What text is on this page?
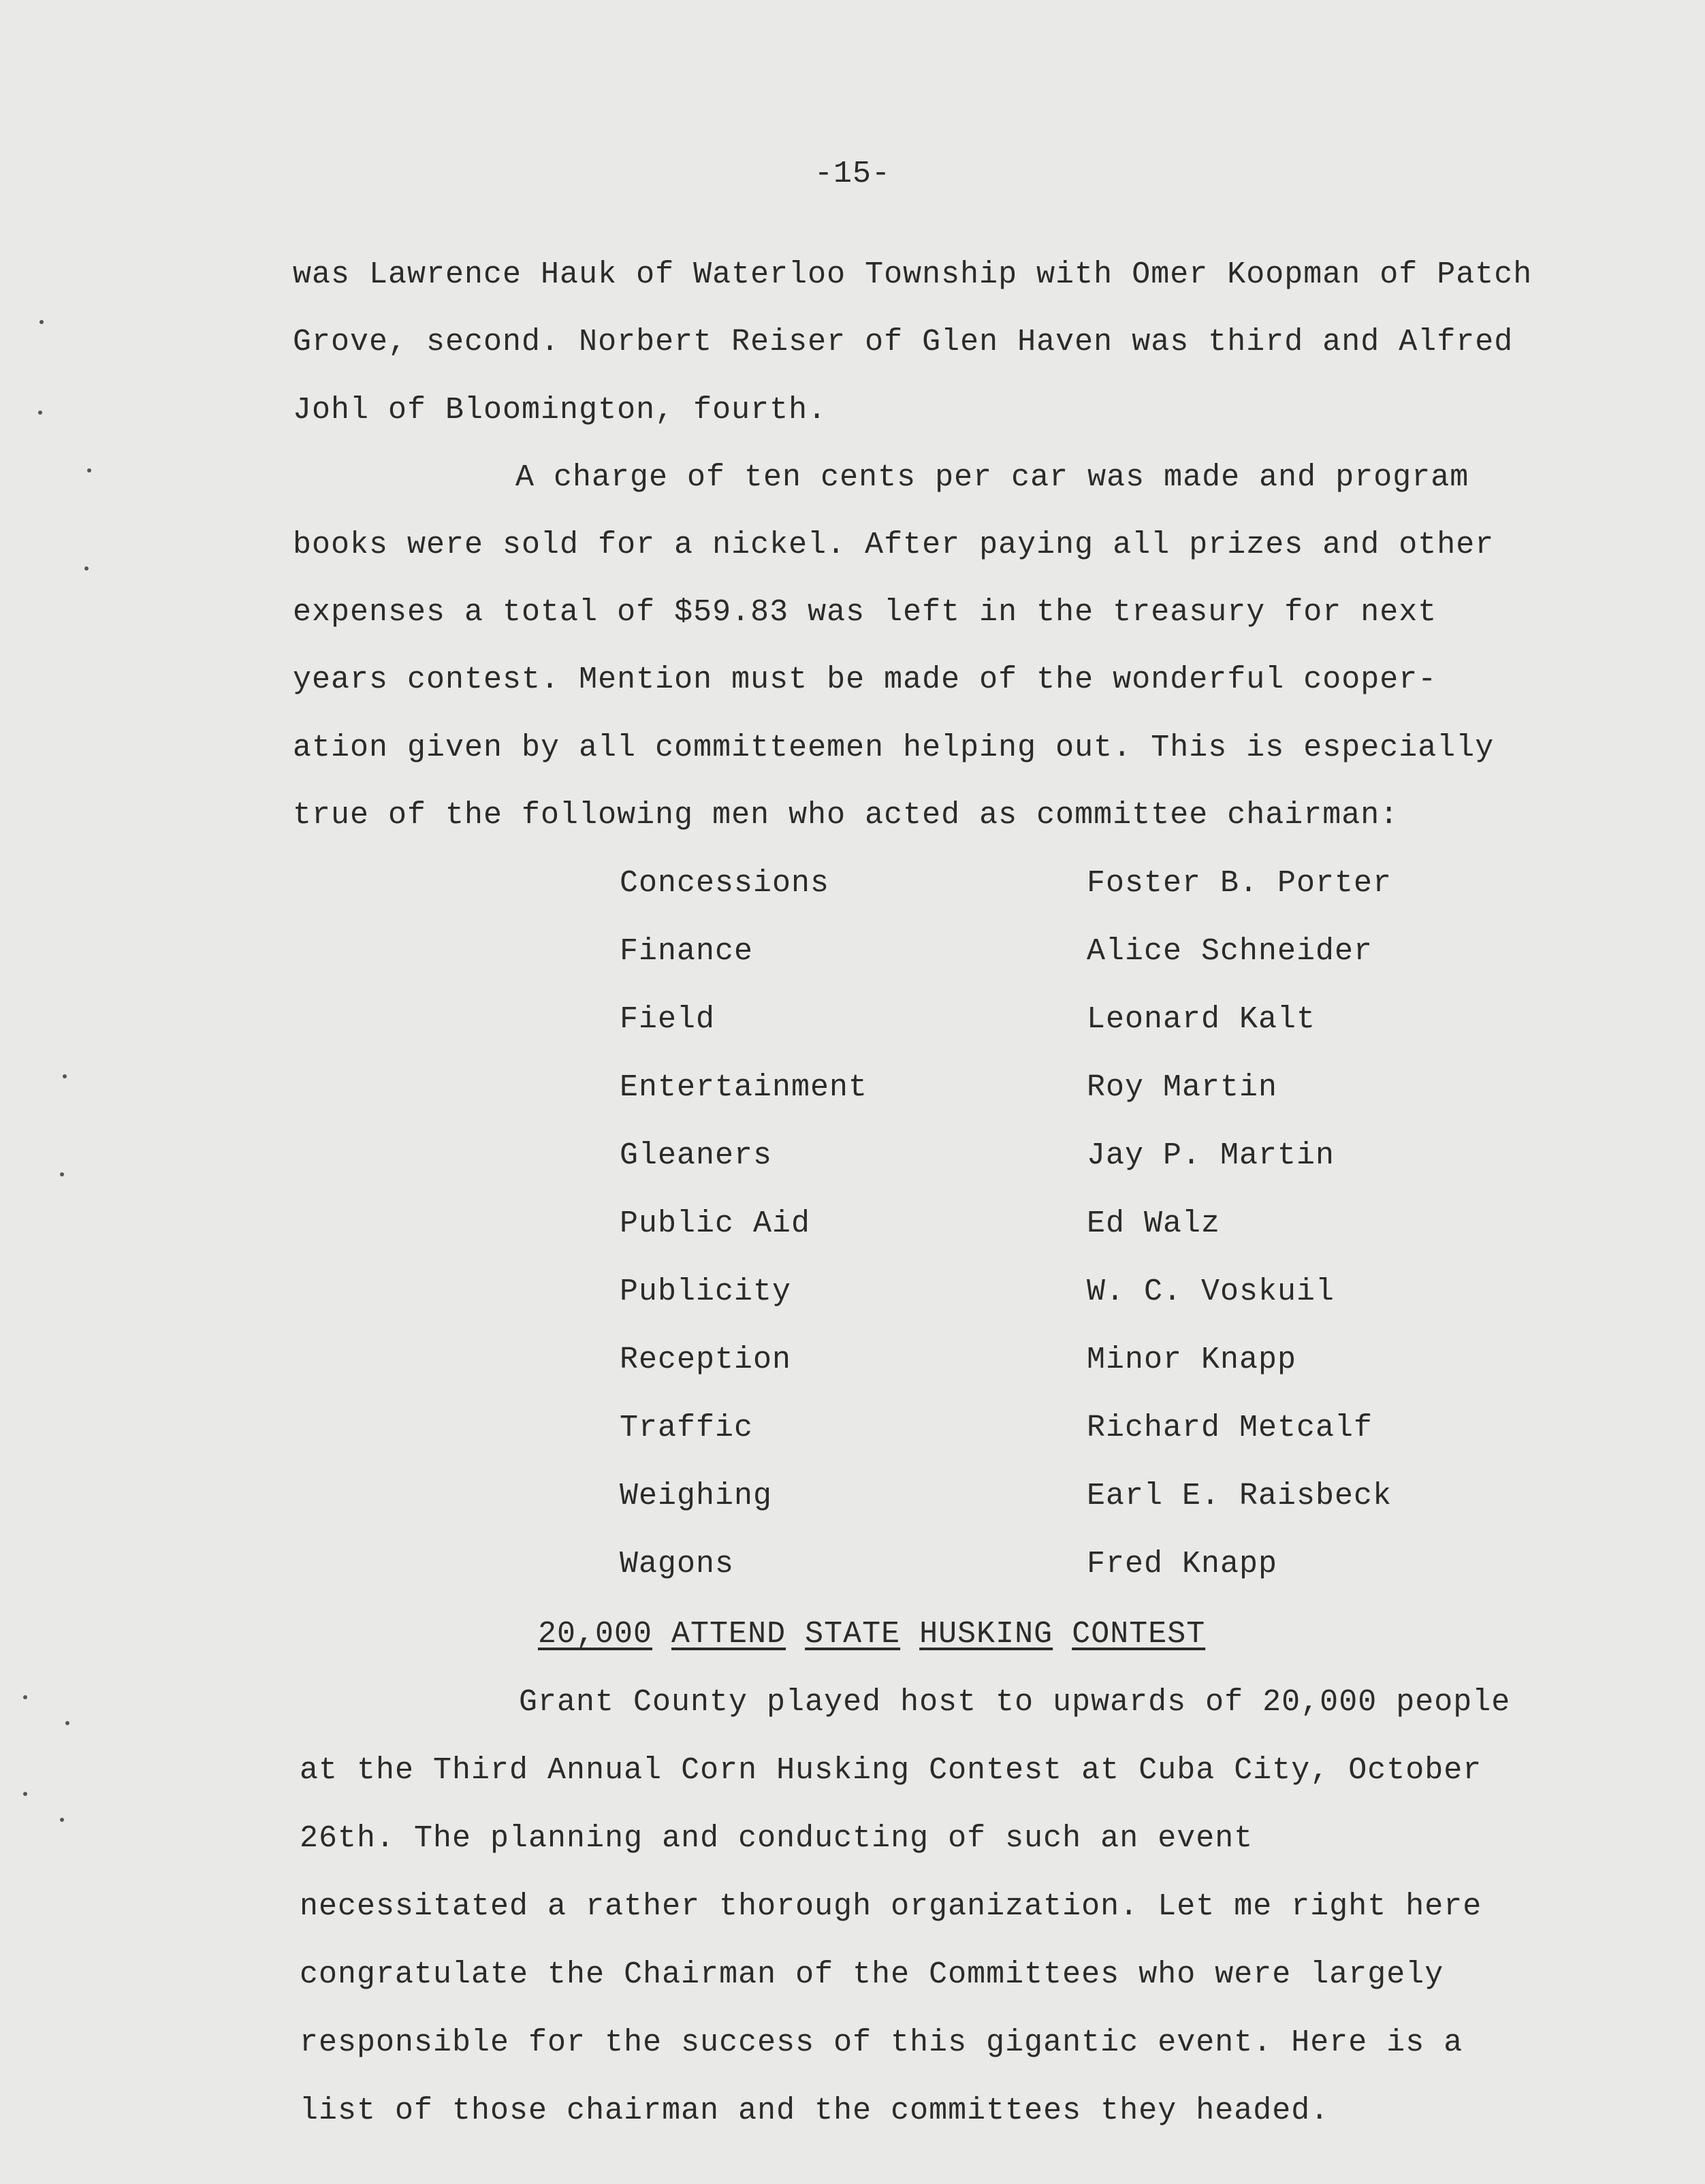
-15-
was Lawrence Hauk of Waterloo Township with Omer Koopman of Patch
Grove, second. Norbert Reiser of Glen Haven was third and Alfred
Johl of Bloomington, fourth.
A charge of ten cents per car was made and program
books were sold for a nickel. After paying all prizes and other
expenses a total of $59.83 was left in the treasury for next
years contest. Mention must be made of the wonderful cooper-
ation given by all committeemen helping out. This is especially
true of the following men who acted as committee chairman:
Concessions	Foster B. Porter
Finance	Alice Schneider
Field	Leonard Kalt
Entertainment	Roy Martin
Gleaners	Jay P. Martin
Public Aid	Ed Walz
Publicity	W. C. Voskuil
Reception	Minor Knapp
Traffic	Richard Metcalf
Weighing	Earl E. Raisbeck
Wagons	Fred Knapp
20,000 ATTEND STATE HUSKING CONTEST
Grant County played host to upwards of 20,000 people
at the Third Annual Corn Husking Contest at Cuba City, October
26th. The planning and conducting of such an event
necessitated a rather thorough organization. Let me right here
congratulate the Chairman of the Committees who were largely
responsible for the success of this gigantic event. Here is a
list of those chairman and the committees they headed.
